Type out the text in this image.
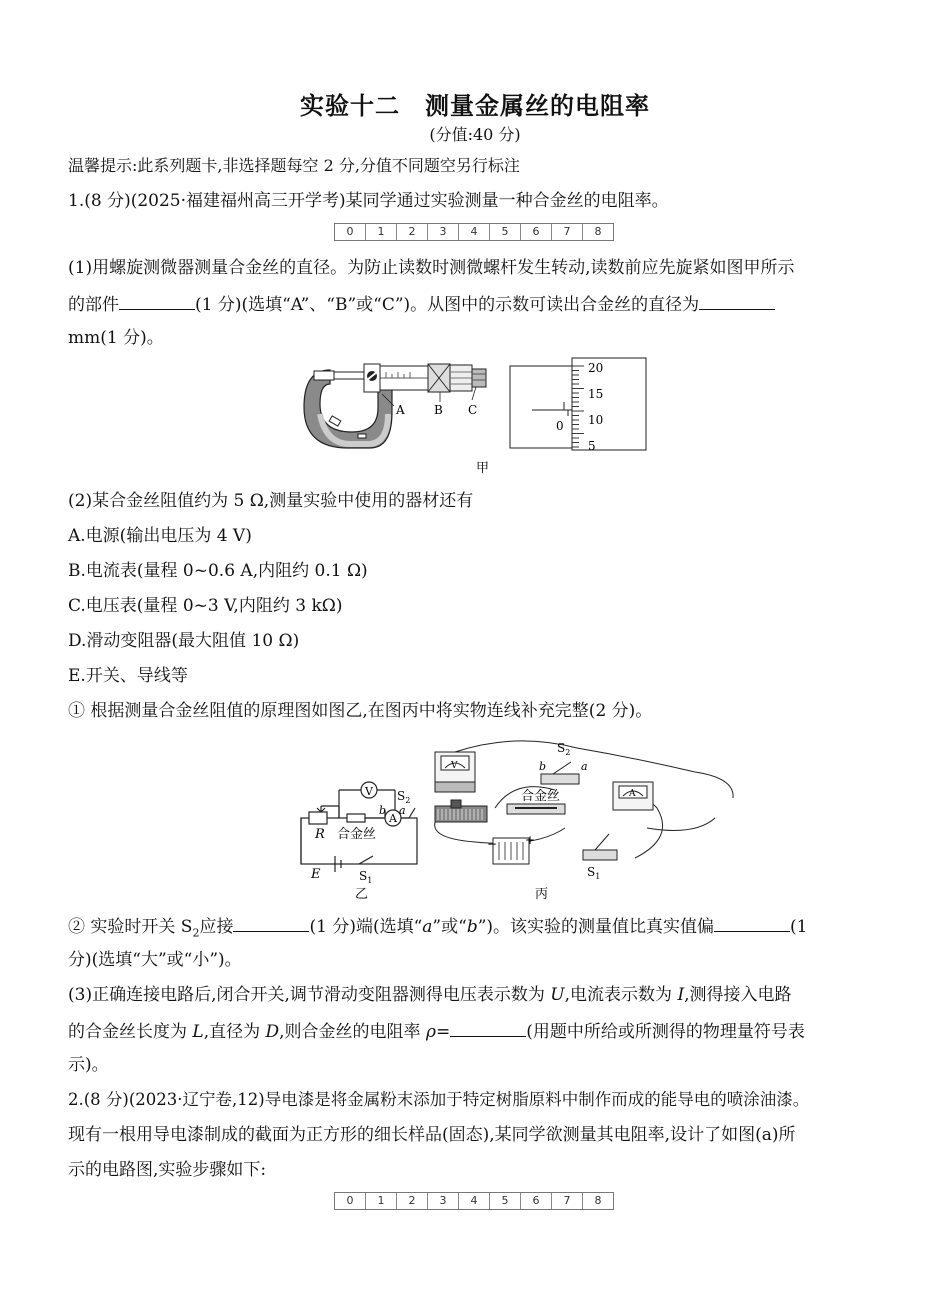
实验十二　测量金属丝的电阻率
(分值:40 分)
温馨提示:此系列题卡,非选择题每空 2 分,分值不同题空另行标注
1.(8 分)(2025·福建福州高三开学考)某同学通过实验测量一种合金丝的电阻率。
0	1	2	3	4	5	6	7	8
(1)用螺旋测微器测量合金丝的直径。为防止读数时测微螺杆发生转动,读数前应先旋紧如图甲所示
的部件	(1 分)(选填“A”、“B”或“C”)。从图中的示数可读出合金丝的直径为
mm(1 分)。
A B C
20
15
10
5
0
甲
(2)某合金丝阻值约为 5 Ω,测量实验中使用的器材还有
A.电源(输出电压为 4 V)
B.电流表(量程 0~0.6 A,内阻约 0.1 Ω)
C.电压表(量程 0~3 V,内阻约 3 kΩ)
D.滑动变阻器(最大阻值 10 Ω)
E.开关、导线等
① 根据测量合金丝阻值的原理图如图乙,在图丙中将实物连线补充完整(2 分)。
V
A
$S_2$
b a
R 合金丝
E	$S_1$
乙
V
A
$S_2$
b	a
合金丝
+
−
$S_1$
丙
② 实验时开关 $S_2$应接	(1 分)端(选填“a”或“b”)。该实验的测量值比真实值偏	(1
分)(选填“大”或“小”)。
(3)正确连接电路后,闭合开关,调节滑动变阻器测得电压表示数为 U,电流表示数为 I,测得接入电路
的合金丝长度为 L,直径为 D,则合金丝的电阻率 ρ=	(用题中所给或所测得的物理量符号表
示)。
2.(8 分)(2023·辽宁卷,12)导电漆是将金属粉末添加于特定树脂原料中制作而成的能导电的喷涂油漆。
现有一根用导电漆制成的截面为正方形的细长样品(固态),某同学欲测量其电阻率,设计了如图(a)所
示的电路图,实验步骤如下:
0	1	2	3	4	5	6	7	8
